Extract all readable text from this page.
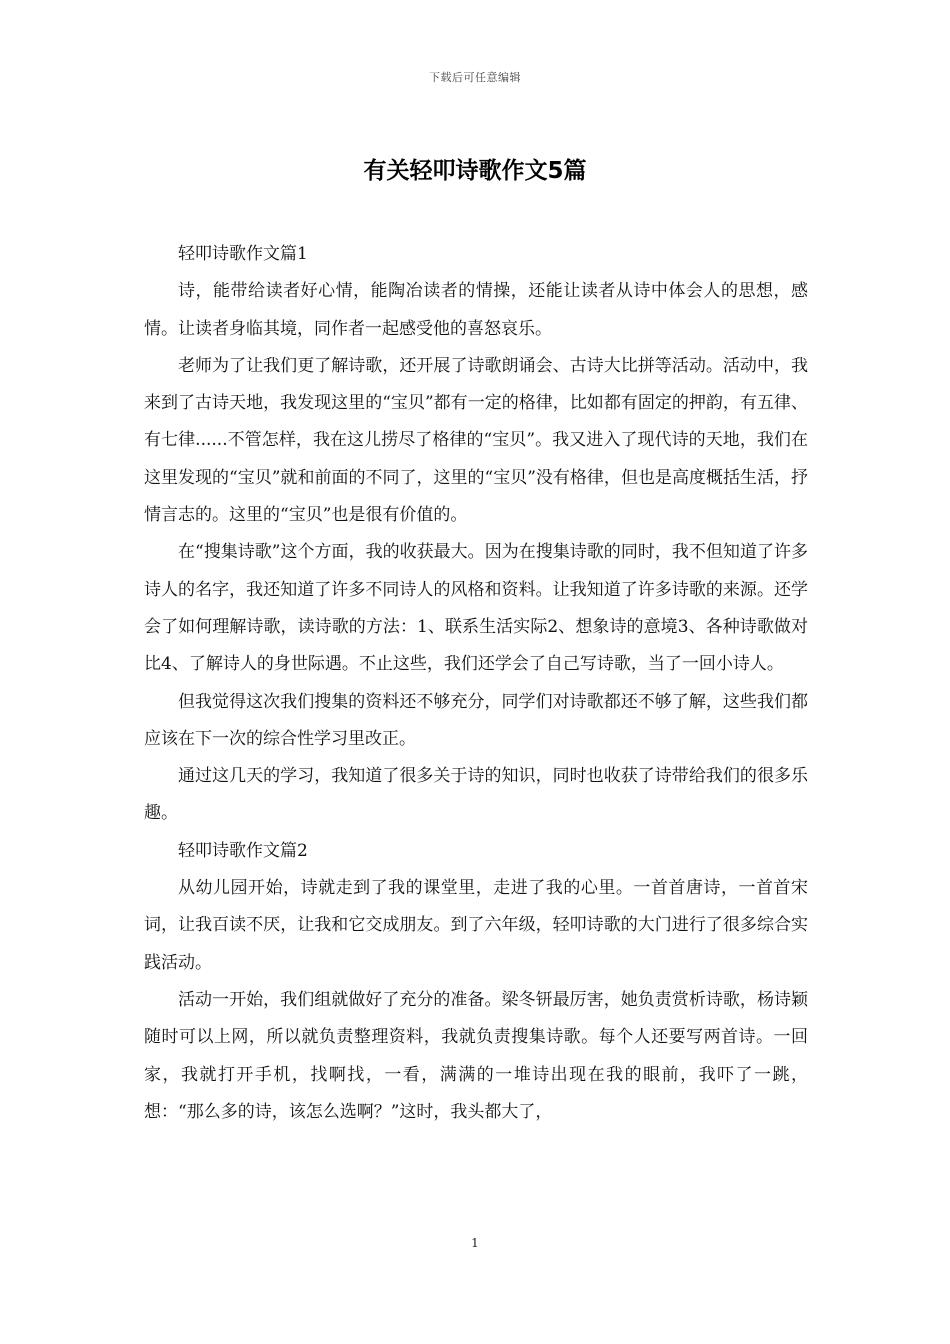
下载后可任意编辑
有关轻叩诗歌作文5篇

轻叩诗歌作文篇1

诗，能带给读者好心情，能陶冶读者的情操，还能让读者从诗中体会人的思想，感情。让读者身临其境，同作者一起感受他的喜怒哀乐。

老师为了让我们更了解诗歌，还开展了诗歌朗诵会、古诗大比拼等活动。活动中，我来到了古诗天地，我发现这里的“宝贝”都有一定的格律，比如都有固定的押韵，有五律、有七律......不管怎样，我在这儿捞尽了格律的“宝贝”。我又进入了现代诗的天地，我们在这里发现的“宝贝”就和前面的不同了，这里的“宝贝”没有格律，但也是高度概括生活，抒情言志的。这里的“宝贝”也是很有价值的。

在“搜集诗歌”这个方面，我的收获最大。因为在搜集诗歌的同时，我不但知道了许多诗人的名字，我还知道了许多不同诗人的风格和资料。让我知道了许多诗歌的来源。还学会了如何理解诗歌，读诗歌的方法：1、联系生活实际2、想象诗的意境3、各种诗歌做对比4、了解诗人的身世际遇。不止这些，我们还学会了自己写诗歌，当了一回小诗人。

但我觉得这次我们搜集的资料还不够充分，同学们对诗歌都还不够了解，这些我们都应该在下一次的综合性学习里改正。

通过这几天的学习，我知道了很多关于诗的知识，同时也收获了诗带给我们的很多乐趣。

轻叩诗歌作文篇2

从幼儿园开始，诗就走到了我的课堂里，走进了我的心里。一首首唐诗，一首首宋词，让我百读不厌，让我和它交成朋友。到了六年级，轻叩诗歌的大门进行了很多综合实践活动。

活动一开始，我们组就做好了充分的准备。梁冬钘最厉害，她负责赏析诗歌，杨诗颖随时可以上网，所以就负责整理资料，我就负责搜集诗歌。每个人还要写两首诗。一回家，我就打开手机，找啊找，一看，满满的一堆诗出现在我的眼前，我吓了一跳，想：“那么多的诗，该怎么选啊？”这时，我头都大了，

1
